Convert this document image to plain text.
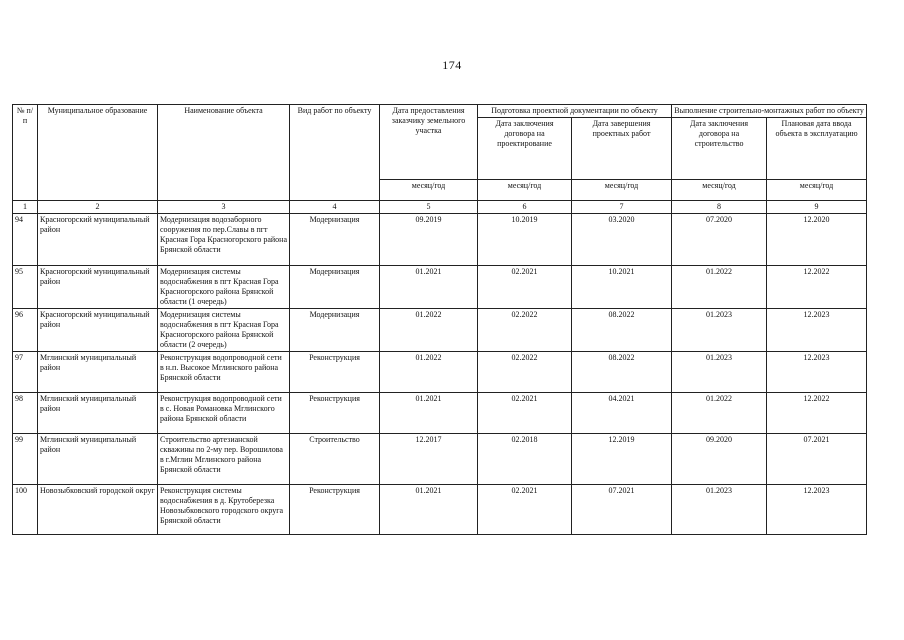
174
№ п/п	Муниципальное образование	Наименование объекта	Вид работ по объекту	Дата предоставления заказчику земельного участка	Подготовка проектной документации по объекту		Выполнение строительно-монтажных работ по объекту	
					Дата заключения договора на проектирование	Дата завершения проектных работ	Дата заключения договора на строительство	Плановая дата ввода объекта в эксплуатацию
				месяц/год	месяц/год	месяц/год	месяц/год	месяц/год
1	2	3	4	5	6	7	8	9
94	Красногорский муниципальный район	Модернизация водозаборного сооружения по пер.Славы в пгт Красная Гора Красногорского района Брянской области	Модернизация	09.2019	10.2019	03.2020	07.2020	12.2020
95	Красногорский муниципальный район	Модернизация системы водоснабжения в пгт Красная Гора Красногорского района Брянской области (1 очередь)	Модернизация	01.2021	02.2021	10.2021	01.2022	12.2022
96	Красногорский муниципальный район	Модернизация системы водоснабжения в пгт Красная Гора Красногорского района Брянской области (2 очередь)	Модернизация	01.2022	02.2022	08.2022	01.2023	12.2023
97	Мглинский муниципальный район	Реконструкция водопроводной сети в н.п. Высокое Мглинского района Брянской области	Реконструкция	01.2022	02.2022	08.2022	01.2023	12.2023
98	Мглинский муниципальный район	Реконструкция водопроводной сети в с. Новая Романовка Мглинского района Брянской области	Реконструкция	01.2021	02.2021	04.2021	01.2022	12.2022
99	Мглинский муниципальный район	Строительство артезианской скважины по 2-му пер. Ворошилова в г.Мглин Мглинского района Брянской области	Строительство	12.2017	02.2018	12.2019	09.2020	07.2021
100	Новозыбковский городской округ	Реконструкция системы водоснабжения в д. Крутоберезка Новозыбковского городского округа Брянской области	Реконструкция	01.2021	02.2021	07.2021	01.2023	12.2023
